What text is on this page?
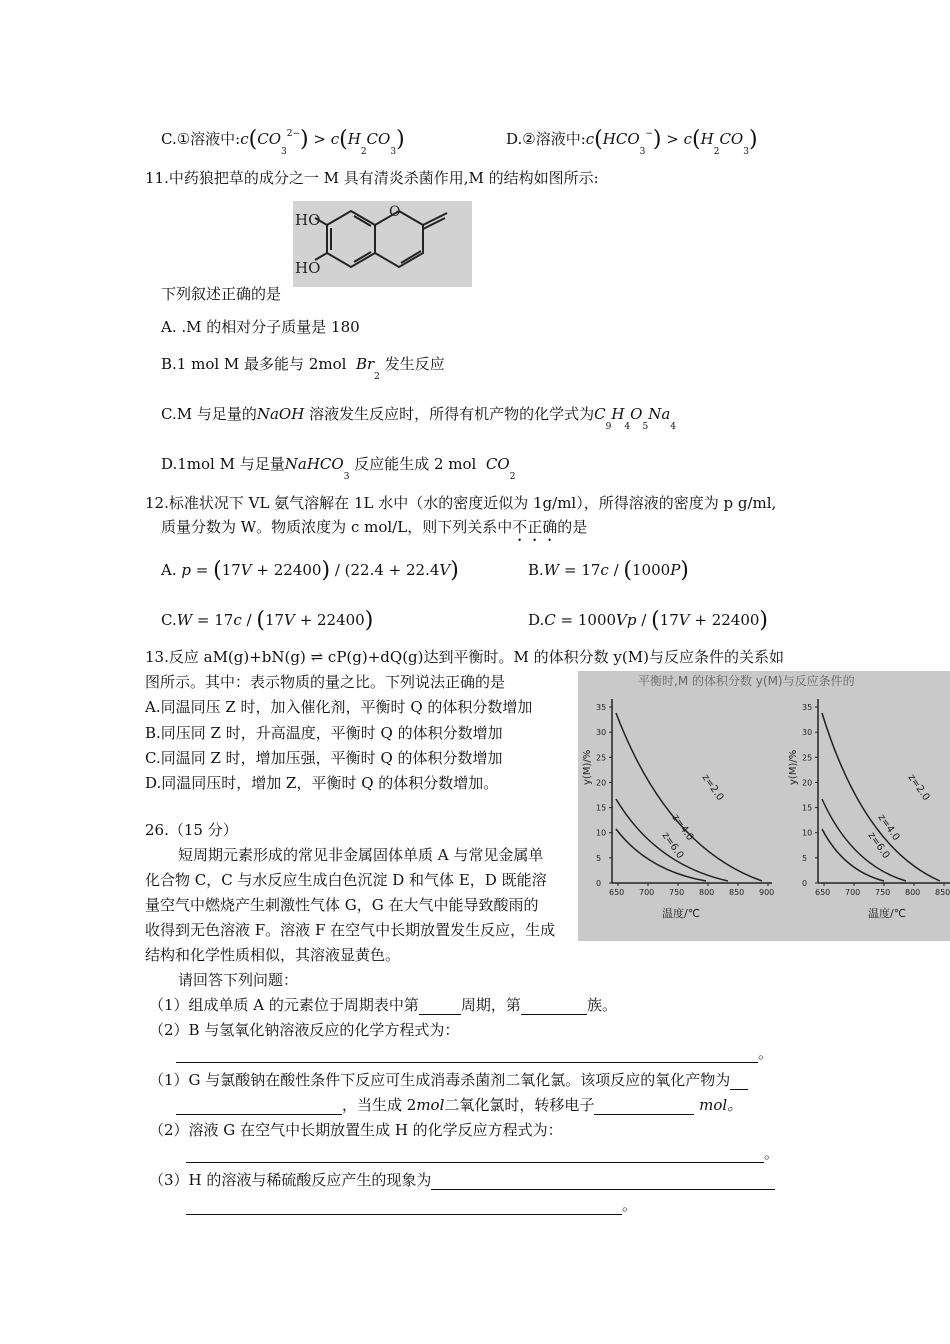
C.①溶液中$:c(CO_3^{2-}) > c(H_2CO_3)$	D.②溶液中$:c(HCO_3^-) > c(H_2CO_3)$
11.中药狼把草的成分之一 M 具有清炎杀菌作用,M 的结构如图所示:
HO
HO
O
下列叙述正确的是
A. .M 的相对分子质量是 180
B.1 mol M 最多能与 2mol $Br_2$ 发生反应
C.M 与足量的NaOH 溶液发生反应时，所得有机产物的化学式为$C_9H_4O_5Na_4$
D.1mol M 与足量NaHCO$_3$ 反应能生成 2 mol $CO_2$
12.标准状况下 VL 氨气溶解在 1L 水中（水的密度近似为 1g/ml），所得溶液的密度为 p g/ml,
质量分数为 W。物质浓度为 c mol/L，则下列关系中不正确的是
A. p = (17V + 22400) / (22.4 + 22.4V)	B.W = 17c / (1000P)
C.W = 17c / (17V + 22400)	D.C = 1000Vp / (17V + 22400)
13.反应 aM(g)+bN(g) ⇌ cP(g)+dQ(g)达到平衡时。M 的体积分数 y(M)与反应条件的关系如
图所示。其中：表示物质的量之比。下列说法正确的是
A.同温同压 Z 时，加入催化剂，平衡时 Q 的体积分数增加
B.同压同 Z 时，升高温度，平衡时 Q 的体积分数增加
C.同温同 Z 时，增加压强，平衡时 Q 的体积分数增加
D.同温同压时，增加 Z，平衡时 Q 的体积分数增加。
平衡时,M 的体积分数 y(M)与反应条件的
35
30
25
20
15
10
5
0
y(M)/%
650 700 750 800 850 900
温度/℃
z=2.0
z=4.0
z=6.0
35
30
25
20
15
10
5
0
y(M)/%
650 700 750 800 850
温度/℃
z=2.0
z=4.0
z=6.0
26.（15 分）
短周期元素形成的常见非金属固体单质 A 与常见金属单
化合物 C，C 与水反应生成白色沉淀 D 和气体 E，D 既能溶
量空气中燃烧产生刺激性气体 G，G 在大气中能导致酸雨的
收得到无色溶液 F。溶液 F 在空气中长期放置发生反应，生成
结构和化学性质相似，其溶液显黄色。
请回答下列问题：
（1）组成单质 A 的元素位于周期表中第	周期，第	族。
（2）B 与氢氧化钠溶液反应的化学方程式为：
。
（1）G 与氯酸钠在酸性条件下反应可生成消毒杀菌剂二氧化氯。该项反应的氧化产物为
，当生成 2mol二氧化氯时，转移电子	mol。
（2）溶液 G 在空气中长期放置生成 H 的化学反应方程式为：
。
（3）H 的溶液与稀硫酸反应产生的现象为
。
